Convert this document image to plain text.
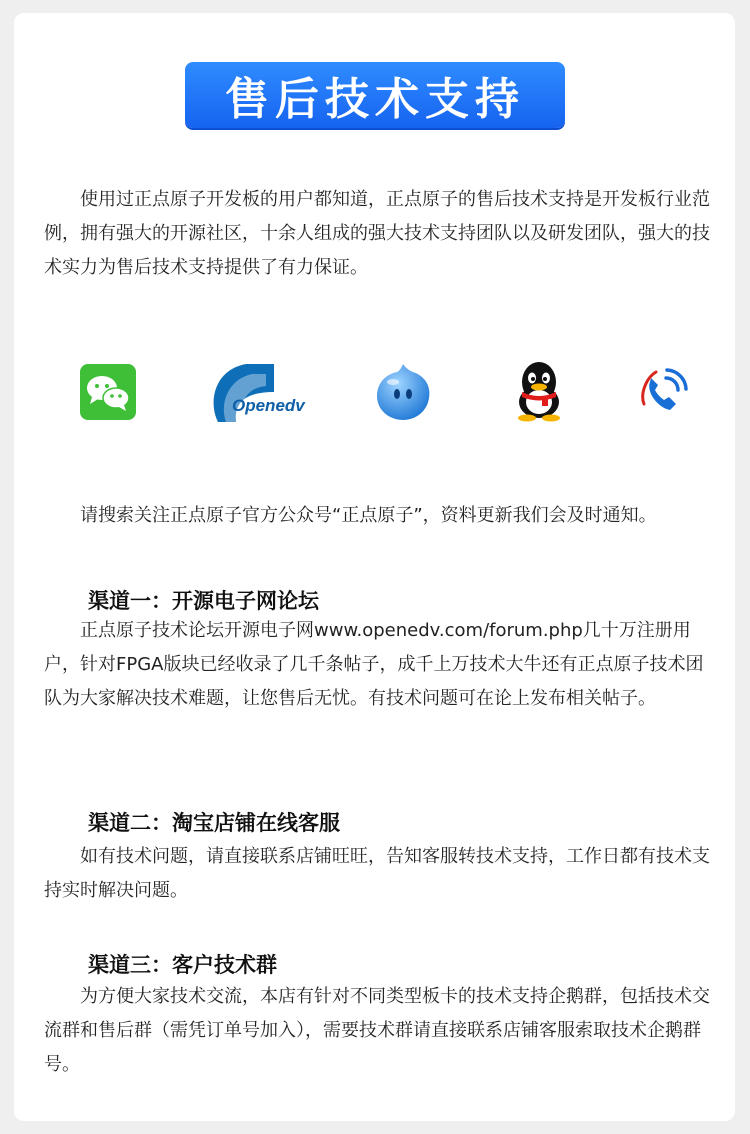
售后技术支持

使用过正点原子开发板的用户都知道，正点原子的售后技术支持是开发板行业范例，拥有强大的开源社区，十余人组成的强大技术支持团队以及研发团队，强大的技术实力为售后技术支持提供了有力保证。

Openedv

请搜索关注正点原子官方公众号“正点原子”，资料更新我们会及时通知。

渠道一：开源电子网论坛

正点原子技术论坛开源电子网www.openedv.com/forum.php几十万注册用户，针对FPGA版块已经收录了几千条帖子，成千上万技术大牛还有正点原子技术团队为大家解决技术难题，让您售后无忧。有技术问题可在论上发布相关帖子。

渠道二：淘宝店铺在线客服

如有技术问题，请直接联系店铺旺旺，告知客服转技术支持，工作日都有技术支持实时解决问题。

渠道三：客户技术群

为方便大家技术交流，本店有针对不同类型板卡的技术支持企鹅群，包括技术交流群和售后群（需凭订单号加入），需要技术群请直接联系店铺客服索取技术企鹅群号。
